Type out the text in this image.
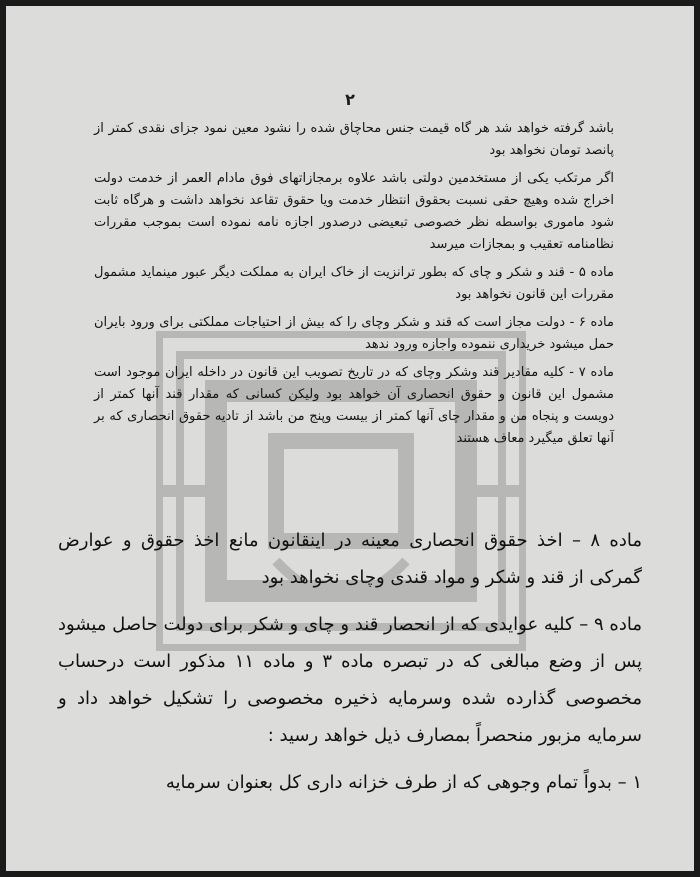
۲

باشد گرفته خواهد شد هر گاه قیمت جنس محاچاق شده را نشود معین نمود جزای نقدی کمتر از پانصد تومان نخواهد بود

اگر مرتکب یکی از مستخدمین دولتی باشد علاوه برمجازاتهای فوق مادام العمر از خدمت دولت اخراج شده وهیچ حقی نسبت بحقوق انتظار خدمت ویا حقوق تقاعد نخواهد داشت و هرگاه ثابت شود ماموری بواسطه نظر خصوصی تبعیضی درصدور اجازه نامه نموده است بموجب مقررات نظامنامه تعقیب و بمجازات میرسد

ماده ۵ - قند و شکر و چای که بطور ترانزیت از خاک ایران به مملکت دیگر عبور مینماید مشمول مقررات این قانون نخواهد بود

ماده ۶ - دولت مجاز است که قند و شکر وچای را که بیش از احتیاجات مملکتی برای ورود بایران حمل میشود خریداری ننموده واجازه ورود ندهد

ماده ۷ - کلیه مقادیر قند وشکر وچای که در تاریخ تصویب این قانون در داخله ایران موجود است مشمول این قانون و حقوق انحصاری آن خواهد بود ولیکن کسانی که مقدار قند آنها کمتر از دویست و پنجاه من و مقدار چای آنها کمتر از بیست وپنج من باشد از تادیه حقوق انحصاری که بر آنها تعلق میگیرد معاف هستند

ماده ۸ – اخذ حقوق انحصاری معینه در اینقانون مانع اخذ حقوق و عوارض گمرکی از قند و شکر و مواد قندی وچای نخواهد بود

ماده ۹ – کلیه عوایدی که از انحصار قند و چای و شکر برای دولت حاصل میشود پس از وضع مبالغی که در تبصره ماده ۳ و ماده ۱۱ مذکور است درحساب مخصوصی گذارده شده وسرمایه ذخیره مخصوصی را تشکیل خواهد داد و سرمایه مزبور منحصراً بمصارف ذیل خواهد رسید :

۱ – بدواً تمام وجوهی که از طرف خزانه داری کل بعنوان سرمایه
